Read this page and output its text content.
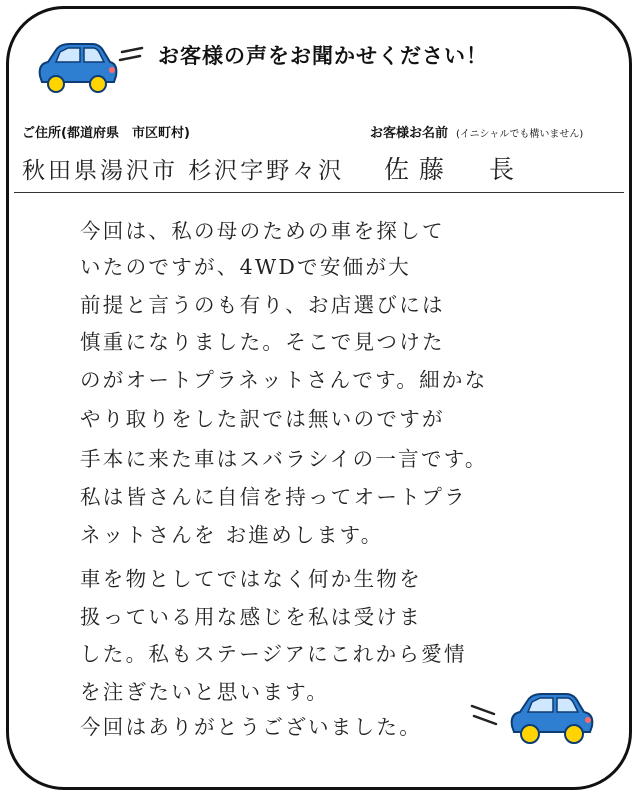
お客様の声をお聞かせください！
ご住所(都道府県　市区町村)	お客様お名前 (イニシャルでも構いません)
秋田県湯沢市 杉沢字野々沢 佐藤　長
今回は、私の母のための車を探して
いたのですが、4WDで安価が大
前提と言うのも有り、お店選びには
慎重になりました。そこで見つけた
のがオートプラネットさんです。細かな
やり取りをした訳では無いのですが
手本に来た車はスバラシイの一言です。
私は皆さんに自信を持ってオートプラ
ネットさんを お進めします。
車を物としてではなく何か生物を
扱っている用な感じを私は受けま
した。私もステージアにこれから愛情
を注ぎたいと思います。
今回はありがとうございました。
